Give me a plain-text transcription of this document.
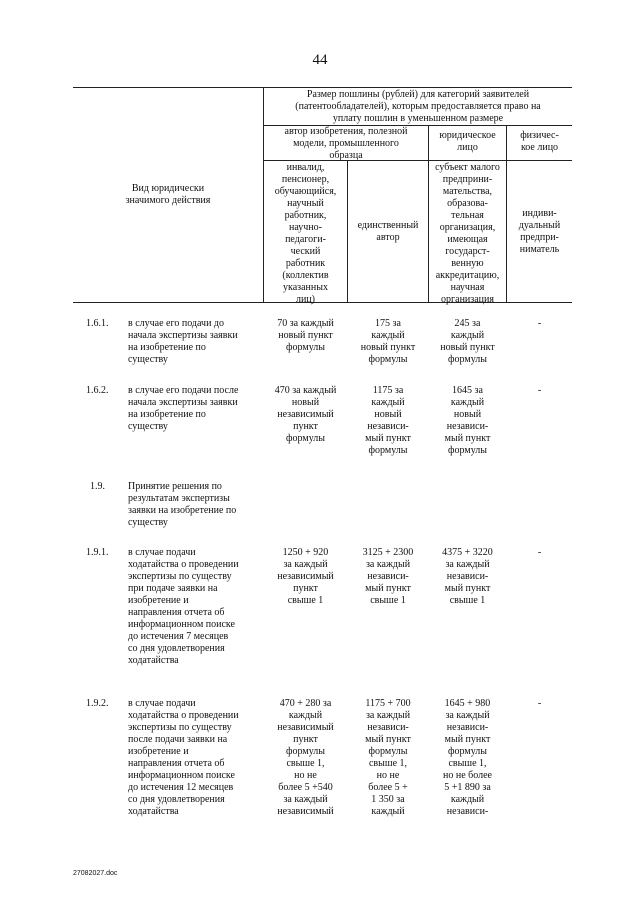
44
Размер пошлины (рублей) для категорий заявителей
(патентообладателей), которым предоставляется право на
уплату пошлин в уменьшенном размере
Вид юридически
значимого действия
автор изобретения, полезной
модели, промышленного
образца
юридическое
лицо
физичес-
кое лицо
инвалид,
пенсионер,
обучающийся,
научный
работник,
научно-
педагоги-
ческий
работник
(коллектив
указанных
лиц)
единственный
автор
субъект малого
предприни-
мательства,
образова-
тельная
организация,
имеющая
государст-
венную
аккредитацию,
научная
организация
индиви-
дуальный
предпри-
ниматель
1.6.1. в случае его подачи до
начала экспертизы заявки
на изобретение по
существу
70 за каждый
новый пункт
формулы
175 за
каждый
новый пункт
формулы
245 за
каждый
новый пункт
формулы
-
1.6.2. в случае его подачи после
начала экспертизы заявки
на изобретение по
существу
470 за каждый
новый
независимый
пункт
формулы
1175 за
каждый
новый
независи-
мый пункт
формулы
1645 за
каждый
новый
независи-
мый пункт
формулы
-
1.9. Принятие решения по
результатам экспертизы
заявки на изобретение по
существу
1.9.1. в случае подачи
ходатайства о проведении
экспертизы по существу
при подаче заявки на
изобретение и
направления отчета об
информационном поиске
до истечения 7 месяцев
со дня удовлетворения
ходатайства
1250 + 920
за каждый
независимый
пункт
свыше 1
3125 + 2300
за каждый
независи-
мый пункт
свыше 1
4375 + 3220
за каждый
независи-
мый пункт
свыше 1
-
1.9.2. в случае подачи
ходатайства о проведении
экспертизы по существу
после подачи заявки на
изобретение и
направления отчета об
информационном поиске
до истечения 12 месяцев
со дня удовлетворения
ходатайства
470 + 280 за
каждый
независимый
пункт
формулы
свыше 1,
но не
более 5 +540
за каждый
независимый
1175 + 700
за каждый
независи-
мый пункт
формулы
свыше 1,
но не
более 5 +
1 350 за
каждый
1645 + 980
за каждый
независи-
мый пункт
формулы
свыше 1,
но не более
5 +1 890 за
каждый
независи-
-
27082027.doc
